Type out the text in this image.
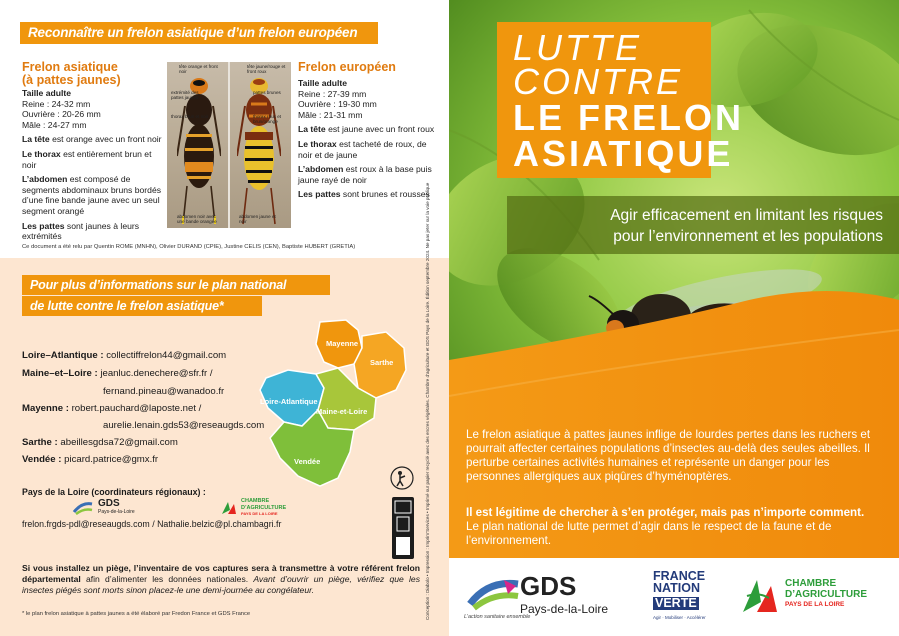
Reconnaître un frelon asiatique d’un frelon européen
Frelon asiatique
(à pattes jaunes)

Taille adulte
Reine : 24-32 mm
Ouvrière : 20-26 mm
Mâle : 24-27 mm

La tête est orange avec un front noir

Le thorax est entièrement brun et noir

L’abdomen est composé de segments abdominaux bruns bordés d’une fine bande jaune avec un seul segment orangé

Les pattes sont jaunes à leurs extrémités

tête orange et front noir
extrémité des pattes jaunes
thorax brun et noir
abdomen noir avec une bande orangée
tête jaune/rouge et front roux
pattes brunes
thorax roux et brun/orange
abdomen jaune et noir
Frelon européen

Taille adulte
Reine : 27-39 mm
Ouvrière : 19-30 mm
Mâle : 21-31 mm

La tête est jaune avec un front roux

Le thorax est tacheté de roux, de noir et de jaune

L’abdomen est roux à la base puis jaune rayé de noir

Les pattes sont brunes et rousses

Ce document a été relu par Quentin ROME (MNHN), Olivier DURAND (CPIE), Justine CELIS (CEN), Baptiste HUBERT (GRETIA)
Pour plus d’informations sur le plan national
de lutte contre le frelon asiatique*
Loire–Atlantique : collectiffrelon44@gmail.com
Maine–et–Loire : jeanluc.denechere@sfr.fr /
fernand.pineau@wanadoo.fr
Mayenne : robert.pauchard@laposte.net /
aurelie.lenain.gds53@reseaugds.com
Sarthe : abeillesgdsa72@gmail.com
Vendée : picard.patrice@gmx.fr
Mayenne
Sarthe
Loire-Atlantique
Maine-et-Loire
Vendée
Pays de la Loire (coordinateurs régionaux) :
GDS
Pays-de-la-Loire
CHAMBRE
D’AGRICULTURE
PAYS DE LA LOIRE
frelon.frgds-pdl@reseaugds.com / Nathalie.belzic@pl.chambagri.fr	Conception : Diabolo • Impression : Imprim’Services • Imprimé sur papier recyclé avec des encres végétales. Chambre d’agriculture et GDS Pays de la Loire. Édition septembre 2024. Ne pas jeter sur la voie publique
Si vous installez un piège, l’inventaire de vos captures sera à transmettre à votre référent frelon départemental afin d’alimenter les données nationales. Avant d’ouvrir un piège, vérifiez que les insectes piégés sont morts sinon placez-le une demi-journée au congélateur.
* le plan frelon asiatique à pattes jaunes a été élaboré par Fredon France et GDS France
LUTTE
CONTRE
LE FRELON
ASIATIQUE
Agir efficacement en limitant les risques
pour l’environnement et les populations
Le frelon asiatique à pattes jaunes inflige de lourdes pertes dans les ruchers et pourrait affecter certaines populations d’insectes au-delà des seules abeilles. Il perturbe certaines activités humaines et représente un danger pour les personnes allergiques aux piqûres d’hyménoptères.
Il est légitime de chercher à s’en protéger, mais pas n’importe comment. Le plan national de lutte permet d’agir dans le respect de la faune et de l’environnement.
GDS
Pays-de-la-Loire
L’action sanitaire ensemble
FRANCE
NATION
VERTE
Agir · Mobiliser · Accélérer
CHAMBRE
D’AGRICULTURE
PAYS DE LA LOIRE
